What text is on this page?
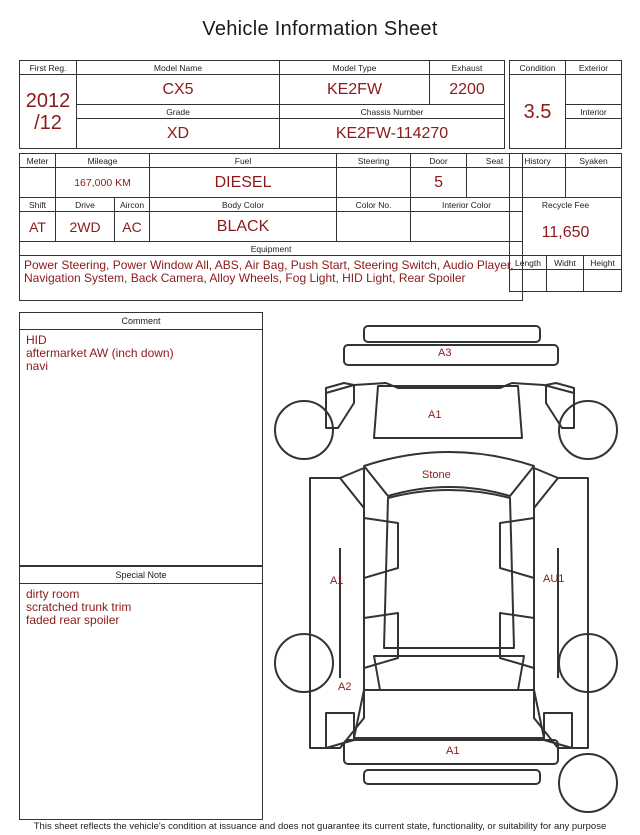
Vehicle Information Sheet
First Reg.	Model Name	Model Type	Exhaust
2012 /12	CX5	KE2FW	2200
	Grade	Chassis Number	
	XD	KE2FW-114270	
Condition	Exterior
3.5	
	Interior

Meter	Mileage		Fuel	Steering	Door	Seat
	167,000 KM		DIESEL		5	
Shift	Drive	Aircon	Body Color	Color No.	Interior Color	
AT	2WD	AC	BLACK			
Equipment						
Power Steering, Power Window All, ABS, Air Bag, Push Start, Steering Switch, Audio Player, Navigation System, Back Camera, Alloy Wheels, Fog Light, HID Light, Rear Spoiler						
History		Syaken	

Recycle Fee			
11,650			
Length	Widht		Height

Comment
HID
aftermarket AW (inch down)
navi
Special Note
dirty room
scratched trunk trim
faded rear spoiler
A3
A1
Stone
A1	AU1
A2
A1
This sheet reflects the vehicle's condition at issuance and does not guarantee its current state, functionality, or suitability for any purpose
